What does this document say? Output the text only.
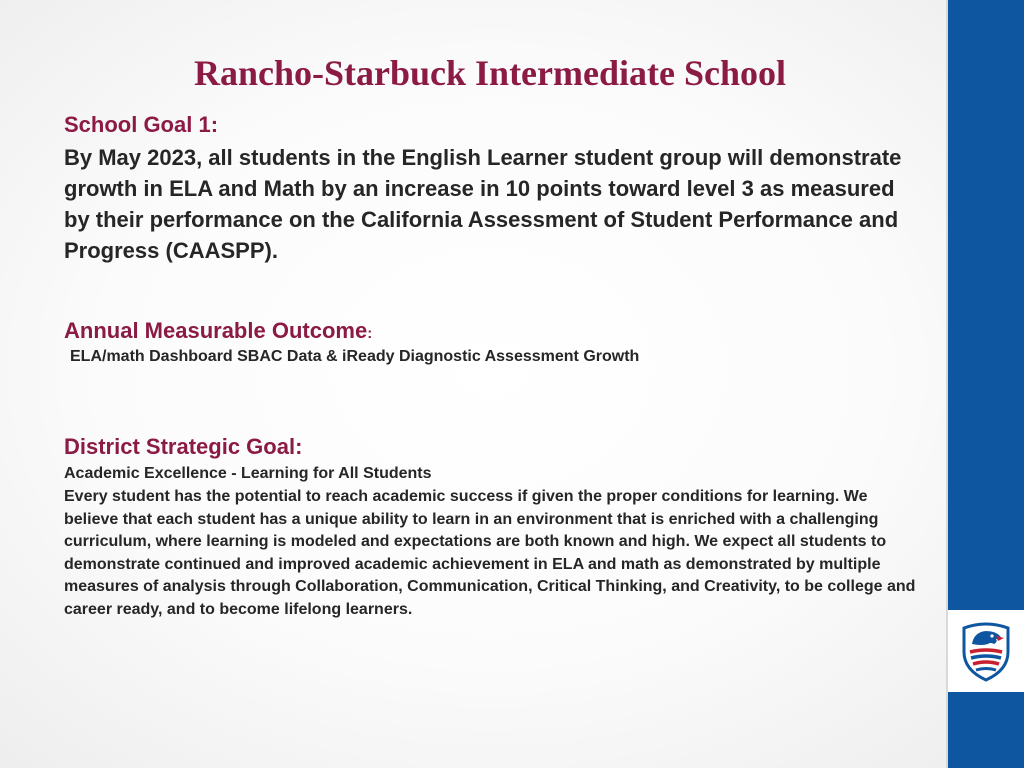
Rancho-Starbuck Intermediate School
School Goal 1:
By May 2023, all students in the English Learner student group will demonstrate growth in ELA and Math by an increase in 10 points toward level 3 as measured by their performance on the California Assessment of Student Performance and Progress (CAASPP).
Annual Measurable Outcome:
ELA/math Dashboard SBAC Data & iReady Diagnostic Assessment Growth
District Strategic Goal:
Academic Excellence - Learning for All Students
Every student has the potential to reach academic success if given the proper conditions for learning. We believe that each student has a unique ability to learn in an environment that is enriched with a challenging curriculum, where learning is modeled and expectations are both known and high. We expect all students to demonstrate continued and improved academic achievement in ELA and math as demonstrated by multiple measures of analysis through Collaboration, Communication, Critical Thinking, and Creativity, to be college and career ready, and to become lifelong learners.
